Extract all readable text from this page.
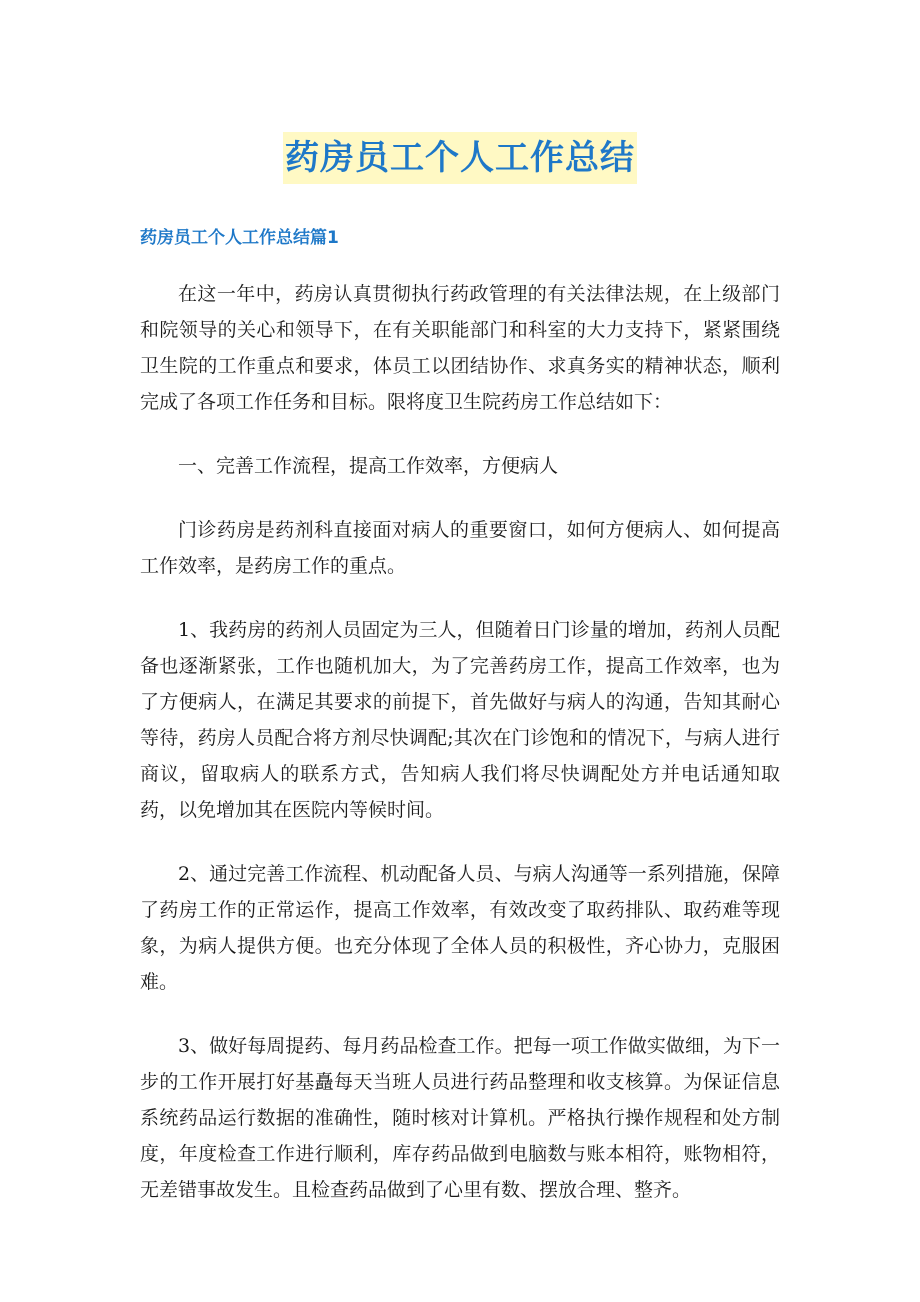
药房员工个人工作总结
药房员工个人工作总结篇1

在这一年中，药房认真贯彻执行药政管理的有关法律法规，在上级部门和院领导的关心和领导下，在有关职能部门和科室的大力支持下，紧紧围绕卫生院的工作重点和要求，体员工以团结协作、求真务实的精神状态，顺利完成了各项工作任务和目标。限将度卫生院药房工作总结如下：

一、完善工作流程，提高工作效率，方便病人

门诊药房是药剂科直接面对病人的重要窗口，如何方便病人、如何提高工作效率，是药房工作的重点。

1、我药房的药剂人员固定为三人，但随着日门诊量的增加，药剂人员配备也逐渐紧张，工作也随机加大，为了完善药房工作，提高工作效率，也为了方便病人，在满足其要求的前提下，首先做好与病人的沟通，告知其耐心等待，药房人员配合将方剂尽快调配;其次在门诊饱和的情况下，与病人进行商议，留取病人的联系方式，告知病人我们将尽快调配处方并电话通知取药，以免增加其在医院内等候时间。

2、通过完善工作流程、机动配备人员、与病人沟通等一系列措施，保障了药房工作的正常运作，提高工作效率，有效改变了取药排队、取药难等现象，为病人提供方便。也充分体现了全体人员的积极性，齐心协力，克服困难。

3、做好每周提药、每月药品检查工作。把每一项工作做实做细，为下一步的工作开展打好基矗每天当班人员进行药品整理和收支核算。为保证信息系统药品运行数据的准确性，随时核对计算机。严格执行操作规程和处方制度，年度检查工作进行顺利，库存药品做到电脑数与账本相符，账物相符，无差错事故发生。且检查药品做到了心里有数、摆放合理、整齐。
